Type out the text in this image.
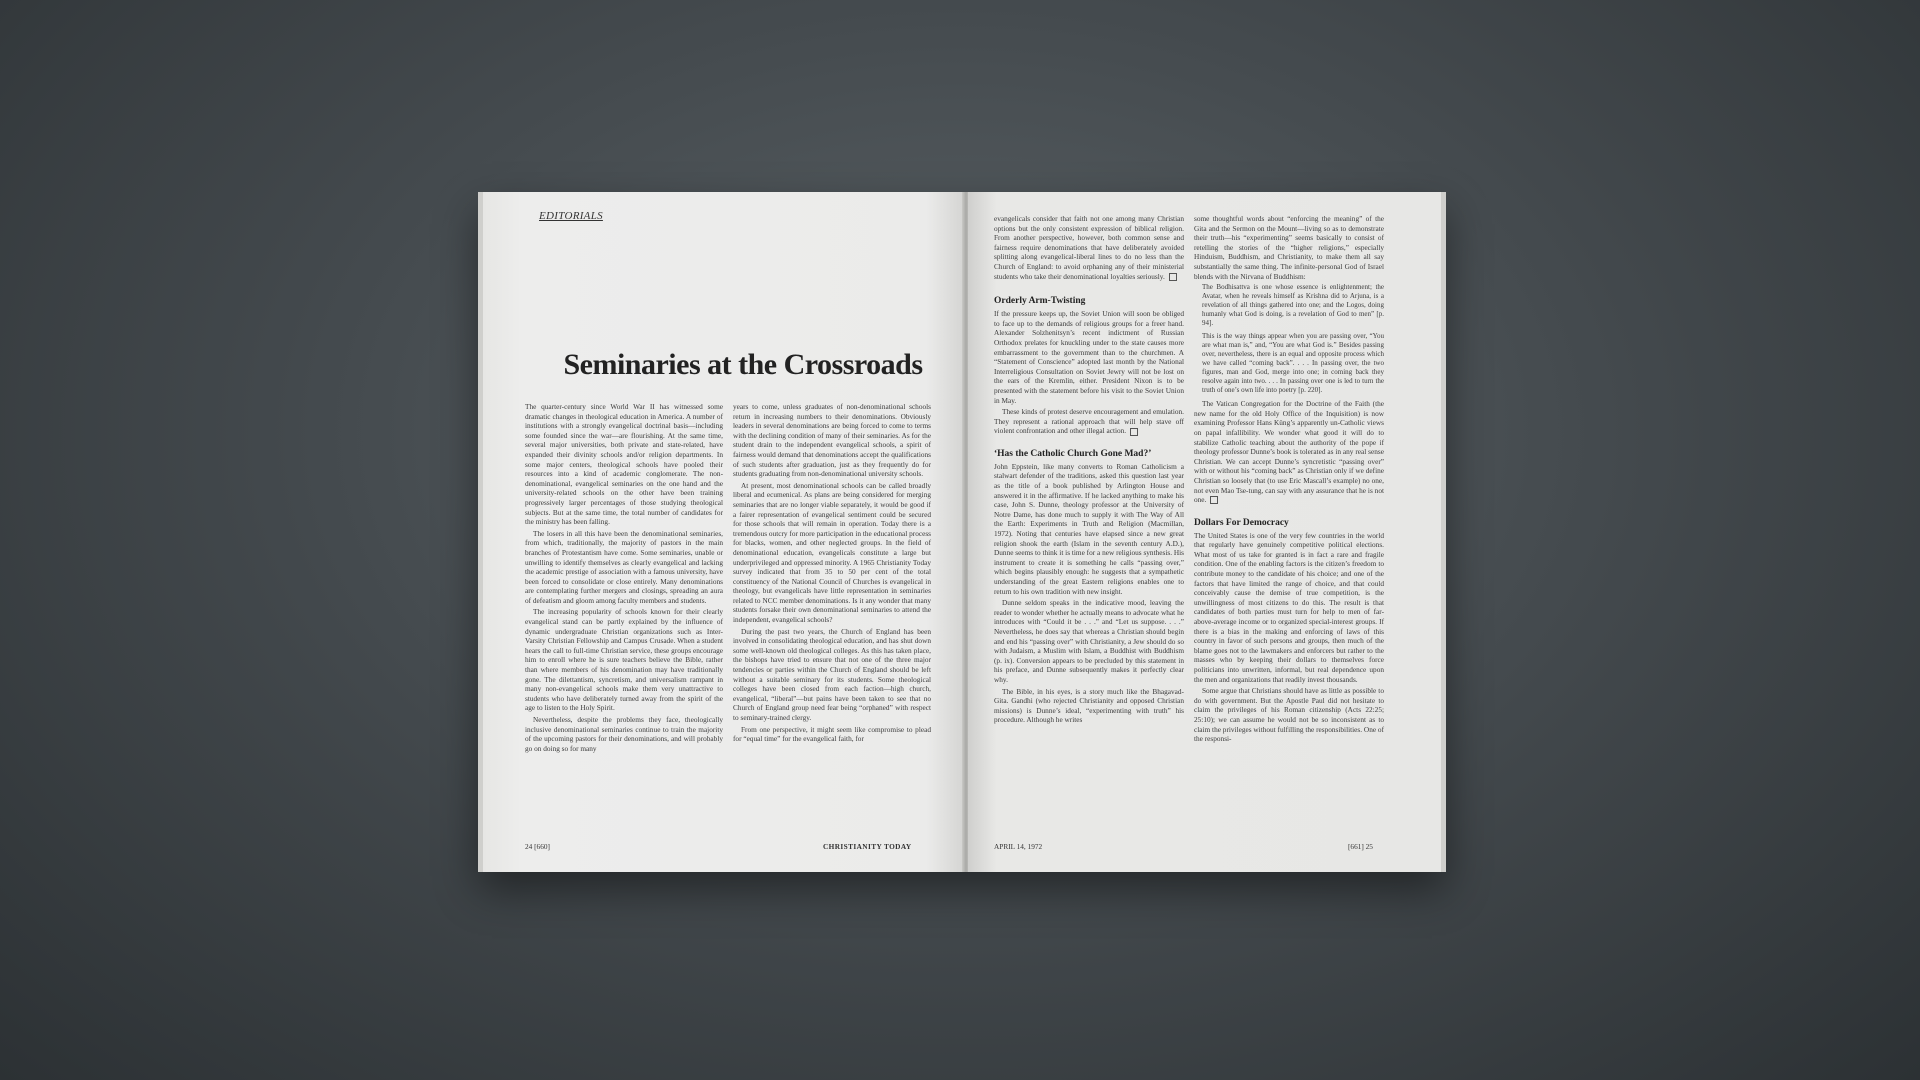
EDITORIALS
Seminaries at the Crossroads

The quarter-century since World War II has witnessed some dramatic changes in theological education in America. A number of institutions with a strongly evangelical doctrinal basis—including some founded since the war—are flourishing. At the same time, several major universities, both private and state-related, have expanded their divinity schools and/or religion departments. In some major centers, theological schools have pooled their resources into a kind of academic conglomerate. The non-denominational, evangelical seminaries on the one hand and the university-related schools on the other have been training progressively larger percentages of those studying theological subjects. But at the same time, the total number of candidates for the ministry has been falling.

The losers in all this have been the denominational seminaries, from which, traditionally, the majority of pastors in the main branches of Protestantism have come. Some seminaries, unable or unwilling to identify themselves as clearly evangelical and lacking the academic prestige of association with a famous university, have been forced to consolidate or close entirely. Many denominations are contemplating further mergers and closings, spreading an aura of defeatism and gloom among faculty members and students.

The increasing popularity of schools known for their clearly evangelical stand can be partly explained by the influence of dynamic undergraduate Christian organizations such as Inter-Varsity Christian Fellowship and Campus Crusade. When a student hears the call to full-time Christian service, these groups encourage him to enroll where he is sure teachers believe the Bible, rather than where members of his denomination may have traditionally gone. The dilettantism, syncretism, and universalism rampant in many non-evangelical schools make them very unattractive to students who have deliberately turned away from the spirit of the age to listen to the Holy Spirit.

Nevertheless, despite the problems they face, theologically inclusive denominational seminaries continue to train the majority of the upcoming pastors for their denominations, and will probably go on doing so for many

years to come, unless graduates of non-denominational schools return in increasing numbers to their denominations. Obviously leaders in several denominations are being forced to come to terms with the declining condition of many of their seminaries. As for the student drain to the independent evangelical schools, a spirit of fairness would demand that denominations accept the qualifications of such students after graduation, just as they frequently do for students graduating from non-denominational university schools.

At present, most denominational schools can be called broadly liberal and ecumenical. As plans are being considered for merging seminaries that are no longer viable separately, it would be good if a fairer representation of evangelical sentiment could be secured for those schools that will remain in operation. Today there is a tremendous outcry for more participation in the educational process for blacks, women, and other neglected groups. In the field of denominational education, evangelicals constitute a large but underprivileged and oppressed minority. A 1965 Christianity Today survey indicated that from 35 to 50 per cent of the total constituency of the National Council of Churches is evangelical in theology, but evangelicals have little representation in seminaries related to NCC member denominations. Is it any wonder that many students forsake their own denominational seminaries to attend the independent, evangelical schools?

During the past two years, the Church of England has been involved in consolidating theological education, and has shut down some well-known old theological colleges. As this has taken place, the bishops have tried to ensure that not one of the three major tendencies or parties within the Church of England should be left without a suitable seminary for its students. Some theological colleges have been closed from each faction—high church, evangelical, “liberal”—but pains have been taken to see that no Church of England group need fear being “orphaned” with respect to seminary-trained clergy.

From one perspective, it might seem like compromise to plead for “equal time” for the evangelical faith, for

24 [660]	CHRISTIANITY TODAY

evangelicals consider that faith not one among many Christian options but the only consistent expression of biblical religion. From another perspective, however, both common sense and fairness require denominations that have deliberately avoided splitting along evangelical-liberal lines to do no less than the Church of England: to avoid orphaning any of their ministerial students who take their denominational loyalties seriously.

Orderly Arm-Twisting

If the pressure keeps up, the Soviet Union will soon be obliged to face up to the demands of religious groups for a freer hand. Alexander Solzhenitsyn’s recent indictment of Russian Orthodox prelates for knuckling under to the state causes more embarrassment to the government than to the churchmen. A “Statement of Conscience” adopted last month by the National Interreligious Consultation on Soviet Jewry will not be lost on the ears of the Kremlin, either. President Nixon is to be presented with the statement before his visit to the Soviet Union in May.

These kinds of protest deserve encouragement and emulation. They represent a rational approach that will help stave off violent confrontation and other illegal action.

‘Has the Catholic Church Gone Mad?’

John Eppstein, like many converts to Roman Catholicism a stalwart defender of the traditions, asked this question last year as the title of a book published by Arlington House and answered it in the affirmative. If he lacked anything to make his case, John S. Dunne, theology professor at the University of Notre Dame, has done much to supply it with The Way of All the Earth: Experiments in Truth and Religion (Macmillan, 1972). Noting that centuries have elapsed since a new great religion shook the earth (Islam in the seventh century A.D.), Dunne seems to think it is time for a new religious synthesis. His instrument to create it is something he calls “passing over,” which begins plausibly enough: he suggests that a sympathetic understanding of the great Eastern religions enables one to return to his own tradition with new insight.

Dunne seldom speaks in the indicative mood, leaving the reader to wonder whether he actually means to advocate what he introduces with “Could it be . . .” and “Let us suppose. . . .” Nevertheless, he does say that whereas a Christian should begin and end his “passing over” with Christianity, a Jew should do so with Judaism, a Muslim with Islam, a Buddhist with Buddhism (p. ix). Conversion appears to be precluded by this statement in his preface, and Dunne subsequently makes it perfectly clear why.

The Bible, in his eyes, is a story much like the Bhagavad-Gita. Gandhi (who rejected Christianity and opposed Christian missions) is Dunne’s ideal, “experimenting with truth” his procedure. Although he writes

some thoughtful words about “enforcing the meaning” of the Gita and the Sermon on the Mount—living so as to demonstrate their truth—his “experimenting” seems basically to consist of retelling the stories of the “higher religions,” especially Hinduism, Buddhism, and Christianity, to make them all say substantially the same thing. The infinite-personal God of Israel blends with the Nirvana of Buddhism:

The Bodhisattva is one whose essence is enlightenment; the Avatar, when he reveals himself as Krishna did to Arjuna, is a revelation of all things gathered into one; and the Logos, doing humanly what God is doing, is a revelation of God to men” [p. 94].
This is the way things appear when you are passing over, “You are what man is,” and, “You are what God is.” Besides passing over, nevertheless, there is an equal and opposite process which we have called “coming back”. . . . In passing over, the two figures, man and God, merge into one; in coming back they resolve again into two. . . . In passing over one is led to turn the truth of one’s own life into poetry [p. 220].

The Vatican Congregation for the Doctrine of the Faith (the new name for the old Holy Office of the Inquisition) is now examining Professor Hans Küng’s apparently un-Catholic views on papal infallibility. We wonder what good it will do to stabilize Catholic teaching about the authority of the pope if theology professor Dunne’s book is tolerated as in any real sense Christian. We can accept Dunne’s syncretistic “passing over” with or without his “coming back” as Christian only if we define Christian so loosely that (to use Eric Mascall’s example) no one, not even Mao Tse-tung, can say with any assurance that he is not one.

Dollars For Democracy

The United States is one of the very few countries in the world that regularly have genuinely competitive political elections. What most of us take for granted is in fact a rare and fragile condition. One of the enabling factors is the citizen’s freedom to contribute money to the candidate of his choice; and one of the factors that have limited the range of choice, and that could conceivably cause the demise of true competition, is the unwillingness of most citizens to do this. The result is that candidates of both parties must turn for help to men of far-above-average income or to organized special-interest groups. If there is a bias in the making and enforcing of laws of this country in favor of such persons and groups, then much of the blame goes not to the lawmakers and enforcers but rather to the masses who by keeping their dollars to themselves force politicians into unwritten, informal, but real dependence upon the men and organizations that readily invest thousands.

Some argue that Christians should have as little as possible to do with government. But the Apostle Paul did not hesitate to claim the privileges of his Roman citizenship (Acts 22:25; 25:10); we can assume he would not be so inconsistent as to claim the privileges without fulfilling the responsibilities. One of the responsi-

APRIL 14, 1972	[661] 25
